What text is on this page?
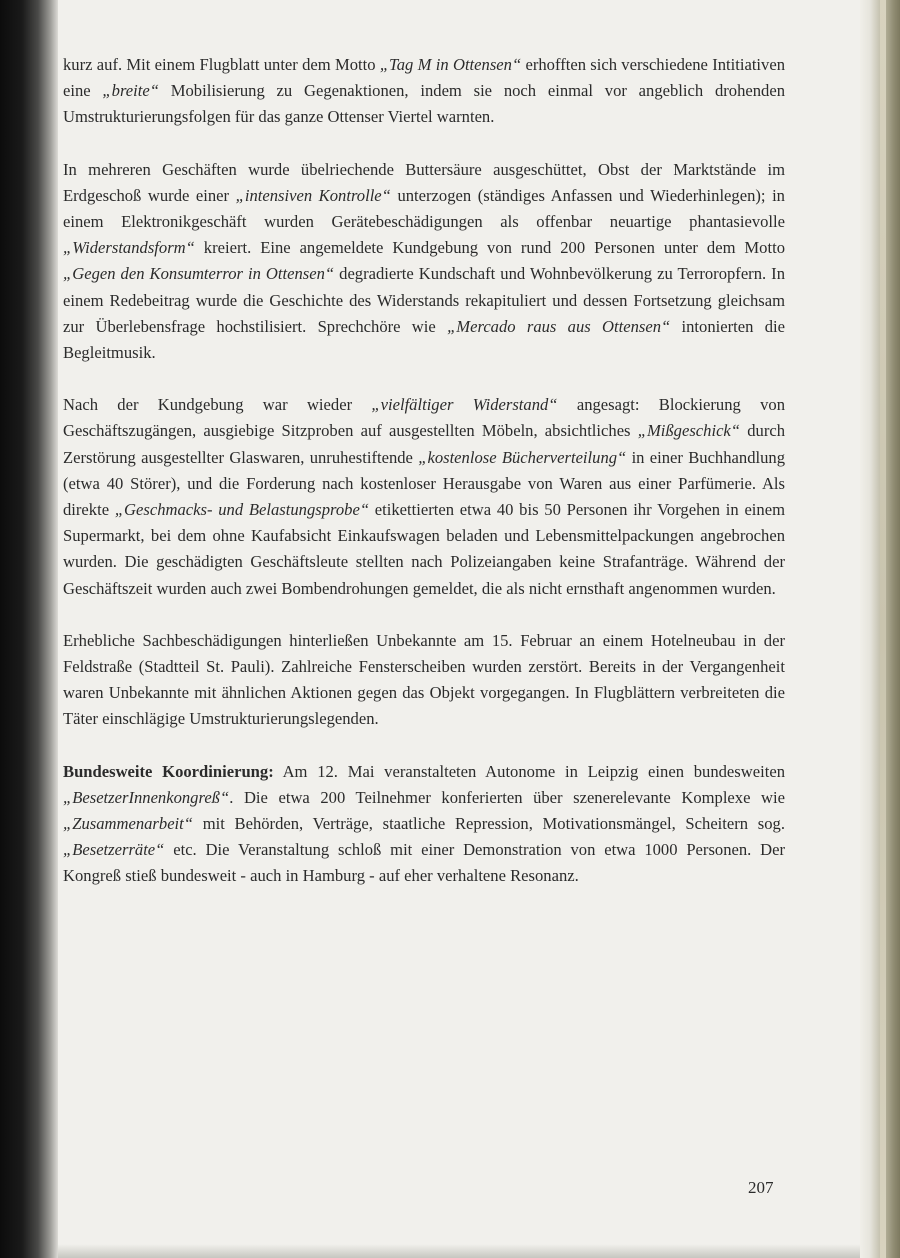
kurz auf. Mit einem Flugblatt unter dem Motto „Tag M in Ottensen“ erhofften sich verschiedene Intitiativen eine „breite“ Mobilisierung zu Gegenaktionen, indem sie noch einmal vor angeblich drohenden Umstrukturierungsfolgen für das ganze Ottenser Viertel warnten.

In mehreren Geschäften wurde übelriechende Buttersäure ausgeschüttet, Obst der Marktstände im Erdgeschoß wurde einer „intensiven Kontrolle“ unterzogen (ständiges Anfassen und Wiederhinlegen); in einem Elektronikgeschäft wurden Gerätebeschädigungen als offenbar neuartige phantasievolle „Widerstandsform“ kreiert. Eine angemeldete Kundgebung von rund 200 Personen unter dem Motto „Gegen den Konsumterror in Ottensen“ degradierte Kundschaft und Wohnbevölkerung zu Terroropfern. In einem Redebeitrag wurde die Geschichte des Widerstands rekapituliert und dessen Fortsetzung gleichsam zur Überlebensfrage hochstilisiert. Sprechchöre wie „Mercado raus aus Ottensen“ intonierten die Begleitmusik.

Nach der Kundgebung war wieder „vielfältiger Widerstand“ angesagt: Blockierung von Geschäftszugängen, ausgiebige Sitzproben auf ausgestellten Möbeln, absichtliches „Mißgeschick“ durch Zerstörung ausgestellter Glaswaren, unruhestiftende „kostenlose Bücherverteilung“ in einer Buchhandlung (etwa 40 Störer), und die Forderung nach kostenloser Herausgabe von Waren aus einer Parfümerie. Als direkte „Geschmacks- und Belastungsprobe“ etikettierten etwa 40 bis 50 Personen ihr Vorgehen in einem Supermarkt, bei dem ohne Kaufabsicht Einkaufswagen beladen und Lebensmittelpackungen angebrochen wurden. Die geschädigten Geschäftsleute stellten nach Polizeiangaben keine Strafanträge. Während der Geschäftszeit wurden auch zwei Bombendrohungen gemeldet, die als nicht ernsthaft angenommen wurden.

Erhebliche Sachbeschädigungen hinterließen Unbekannte am 15. Februar an einem Hotelneubau in der Feldstraße (Stadtteil St. Pauli). Zahlreiche Fensterscheiben wurden zerstört. Bereits in der Vergangenheit waren Unbekannte mit ähnlichen Aktionen gegen das Objekt vorgegangen. In Flugblättern verbreiteten die Täter einschlägige Umstrukturierungslegenden.

Bundesweite Koordinierung: Am 12. Mai veranstalteten Autonome in Leipzig einen bundesweiten „BesetzerInnenkongreß“. Die etwa 200 Teilnehmer konferierten über szenerelevante Komplexe wie „Zusammenarbeit“ mit Behörden, Verträge, staatliche Repression, Motivationsmängel, Scheitern sog. „Besetzerräte“ etc. Die Veranstaltung schloß mit einer Demonstration von etwa 1000 Personen. Der Kongreß stieß bundesweit - auch in Hamburg - auf eher verhaltene Resonanz.

207
